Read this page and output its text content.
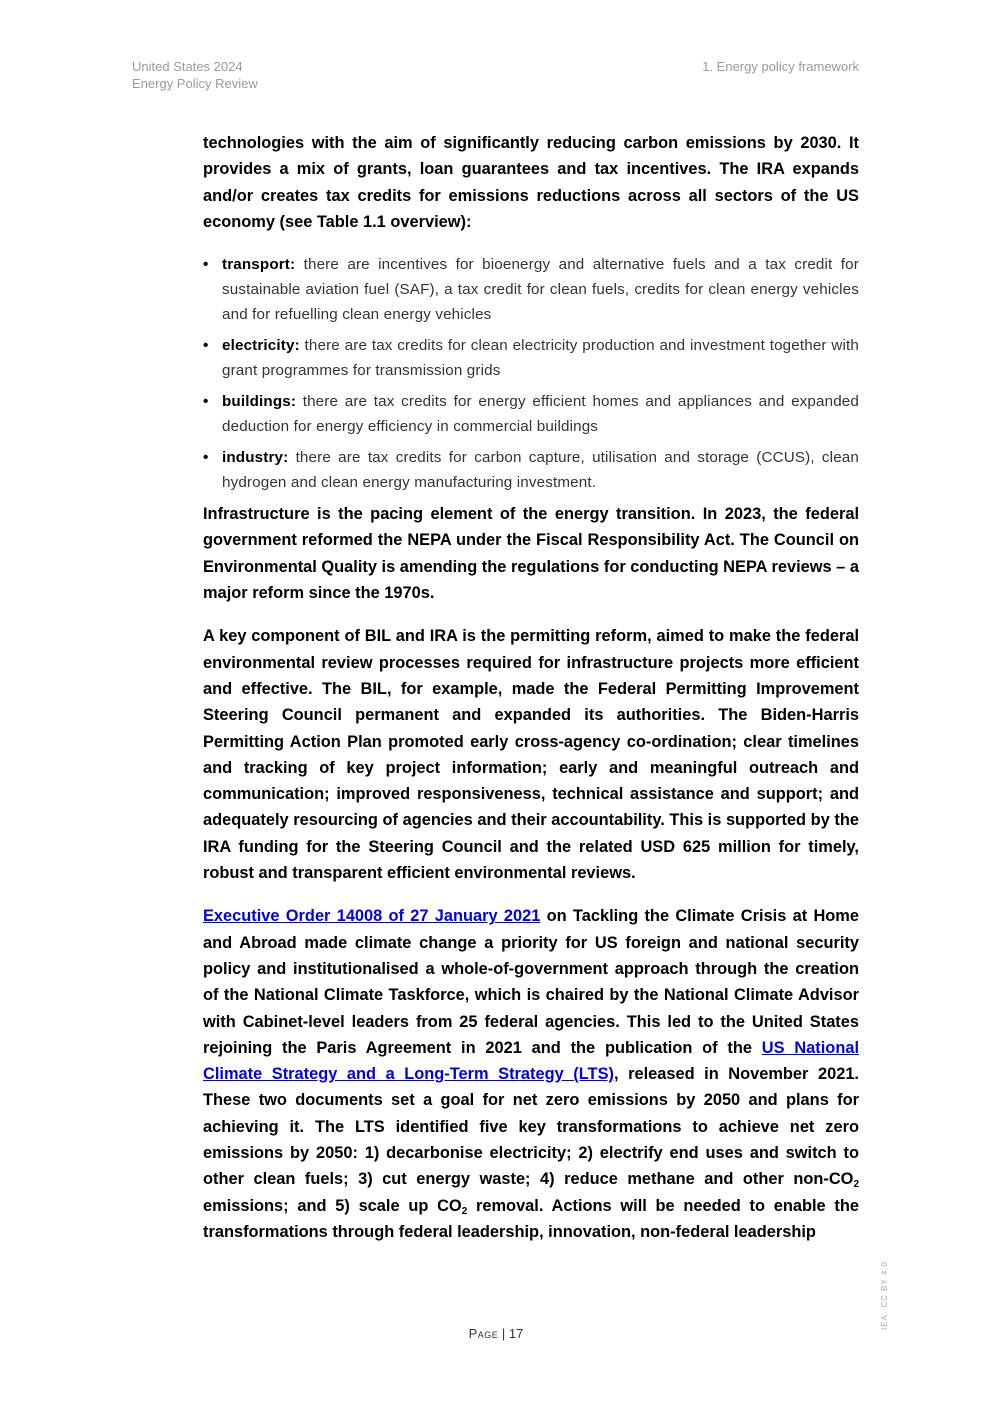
United States 2024
Energy Policy Review
1. Energy policy framework

technologies with the aim of significantly reducing carbon emissions by 2030. It provides a mix of grants, loan guarantees and tax incentives. The IRA expands and/or creates tax credits for emissions reductions across all sectors of the US economy (see Table 1.1 overview):

• transport: there are incentives for bioenergy and alternative fuels and a tax credit for sustainable aviation fuel (SAF), a tax credit for clean fuels, credits for clean energy vehicles and for refuelling clean energy vehicles
• electricity: there are tax credits for clean electricity production and investment together with grant programmes for transmission grids
• buildings: there are tax credits for energy efficient homes and appliances and expanded deduction for energy efficiency in commercial buildings
• industry: there are tax credits for carbon capture, utilisation and storage (CCUS), clean hydrogen and clean energy manufacturing investment.

Infrastructure is the pacing element of the energy transition. In 2023, the federal government reformed the NEPA under the Fiscal Responsibility Act. The Council on Environmental Quality is amending the regulations for conducting NEPA reviews – a major reform since the 1970s.

A key component of BIL and IRA is the permitting reform, aimed to make the federal environmental review processes required for infrastructure projects more efficient and effective. The BIL, for example, made the Federal Permitting Improvement Steering Council permanent and expanded its authorities. The Biden-Harris Permitting Action Plan promoted early cross-agency co-ordination; clear timelines and tracking of key project information; early and meaningful outreach and communication; improved responsiveness, technical assistance and support; and adequately resourcing of agencies and their accountability. This is supported by the IRA funding for the Steering Council and the related USD 625 million for timely, robust and transparent efficient environmental reviews.

Executive Order 14008 of 27 January 2021 on Tackling the Climate Crisis at Home and Abroad made climate change a priority for US foreign and national security policy and institutionalised a whole-of-government approach through the creation of the National Climate Taskforce, which is chaired by the National Climate Advisor with Cabinet-level leaders from 25 federal agencies. This led to the United States rejoining the Paris Agreement in 2021 and the publication of the US National Climate Strategy and a Long-Term Strategy (LTS), released in November 2021. These two documents set a goal for net zero emissions by 2050 and plans for achieving it. The LTS identified five key transformations to achieve net zero emissions by 2050: 1) decarbonise electricity; 2) electrify end uses and switch to other clean fuels; 3) cut energy waste; 4) reduce methane and other non-$CO_2$ emissions; and 5) scale up $CO_2$ removal. Actions will be needed to enable the transformations through federal leadership, innovation, non-federal leadership

Page | 17
IEA. CC BY 4.0.
